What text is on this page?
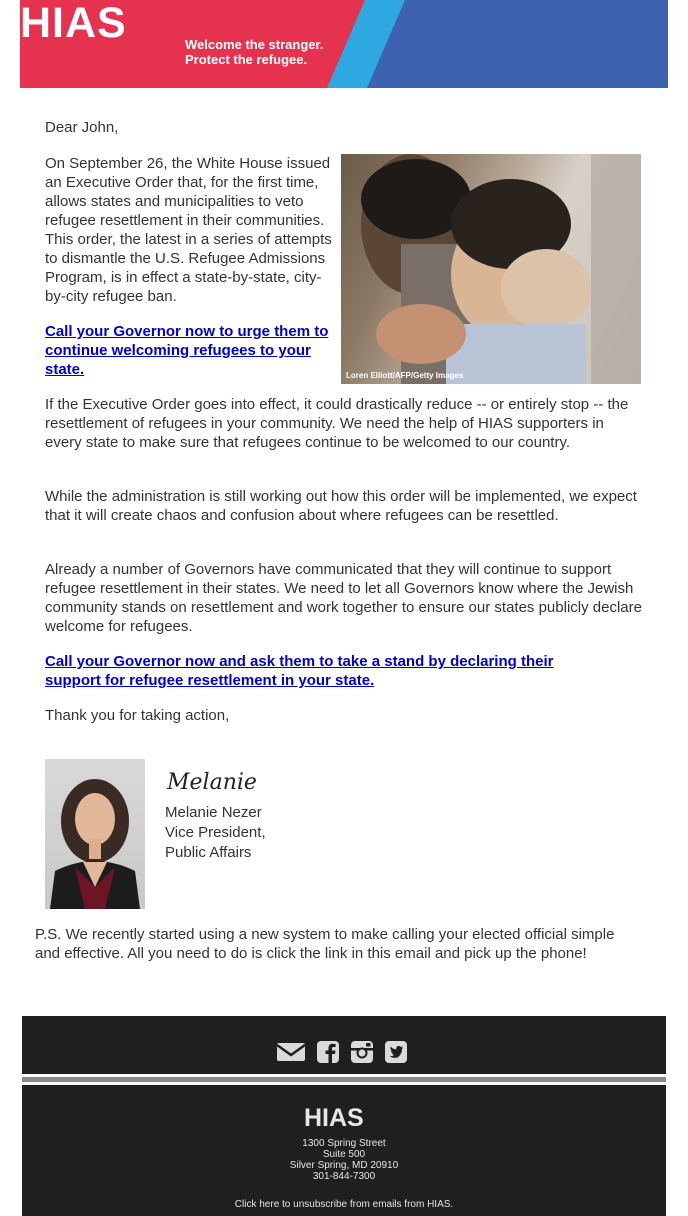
HIAS	Welcome the stranger.
Protect the refugee.
Dear John,
On September 26, the White House issued an Executive Order that, for the first time, allows states and municipalities to veto refugee resettlement in their communities. This order, the latest in a series of attempts to dismantle the U.S. Refugee Admissions Program, is in effect a state-by-state, city-by-city refugee ban.
Loren Elliott/AFP/Getty Images
Call your Governor now to urge them to continue welcoming refugees to your state.
If the Executive Order goes into effect, it could drastically reduce -- or entirely stop -- the resettlement of refugees in your community. We need the help of HIAS supporters in every state to make sure that refugees continue to be welcomed to our country.
While the administration is still working out how this order will be implemented, we expect that it will create chaos and confusion about where refugees can be resettled.
Already a number of Governors have communicated that they will continue to support refugee resettlement in their states. We need to let all Governors know where the Jewish community stands on resettlement and work together to ensure our states publicly declare welcome for refugees.
Call your Governor now and ask them to take a stand by declaring their support for refugee resettlement in your state.
Thank you for taking action,
Melanie
Melanie Nezer
Vice President,
Public Affairs
P.S. We recently started using a new system to make calling your elected official simple and effective. All you need to do is click the link in this email and pick up the phone!
HIAS
1300 Spring Street
Suite 500
Silver Spring, MD 20910
301-844-7300
Click here to unsubscribe from emails from HIAS.
